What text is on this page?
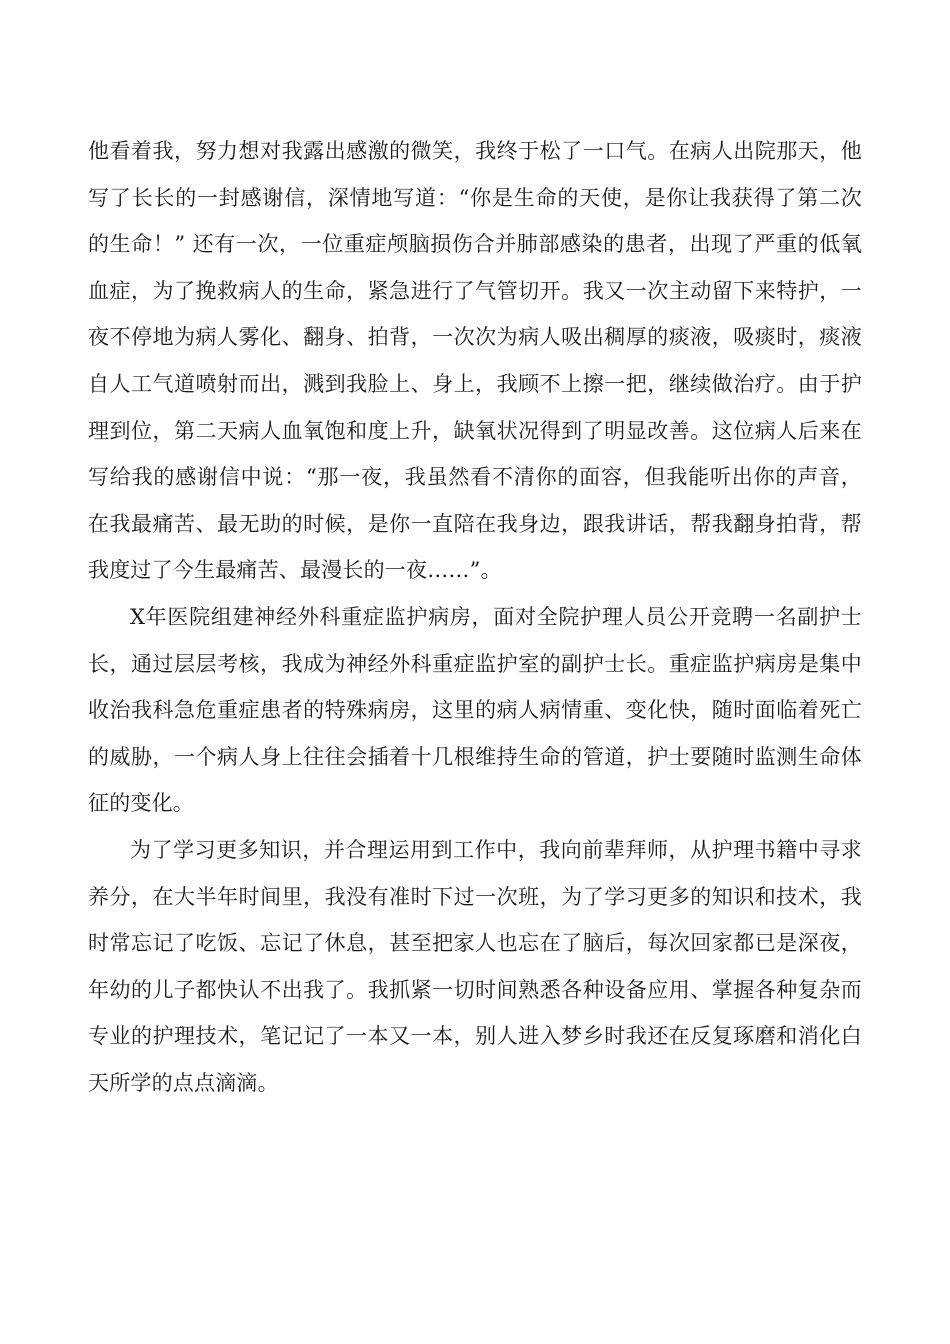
他看着我，努力想对我露出感激的微笑，我终于松了一口气。在病人出院那天，他写了长长的一封感谢信，深情地写道：“你是生命的天使，是你让我获得了第二次的生命！” 还有一次，一位重症颅脑损伤合并肺部感染的患者，出现了严重的低氧血症，为了挽救病人的生命，紧急进行了气管切开。我又一次主动留下来特护，一夜不停地为病人雾化、翻身、拍背，一次次为病人吸出稠厚的痰液，吸痰时，痰液自人工气道喷射而出，溅到我脸上、身上，我顾不上擦一把，继续做治疗。由于护理到位，第二天病人血氧饱和度上升，缺氧状况得到了明显改善。这位病人后来在写给我的感谢信中说：“那一夜，我虽然看不清你的面容，但我能听出你的声音，在我最痛苦、最无助的时候，是你一直陪在我身边，跟我讲话，帮我翻身拍背，帮我度过了今生最痛苦、最漫长的一夜……”。

X年医院组建神经外科重症监护病房，面对全院护理人员公开竞聘一名副护士长，通过层层考核，我成为神经外科重症监护室的副护士长。重症监护病房是集中收治我科急危重症患者的特殊病房，这里的病人病情重、变化快，随时面临着死亡的威胁，一个病人身上往往会插着十几根维持生命的管道，护士要随时监测生命体征的变化。

为了学习更多知识，并合理运用到工作中，我向前辈拜师，从护理书籍中寻求养分，在大半年时间里，我没有准时下过一次班，为了学习更多的知识和技术，我时常忘记了吃饭、忘记了休息，甚至把家人也忘在了脑后，每次回家都已是深夜，年幼的儿子都快认不出我了。我抓紧一切时间熟悉各种设备应用、掌握各种复杂而专业的护理技术，笔记记了一本又一本，别人进入梦乡时我还在反复琢磨和消化白天所学的点点滴滴。
